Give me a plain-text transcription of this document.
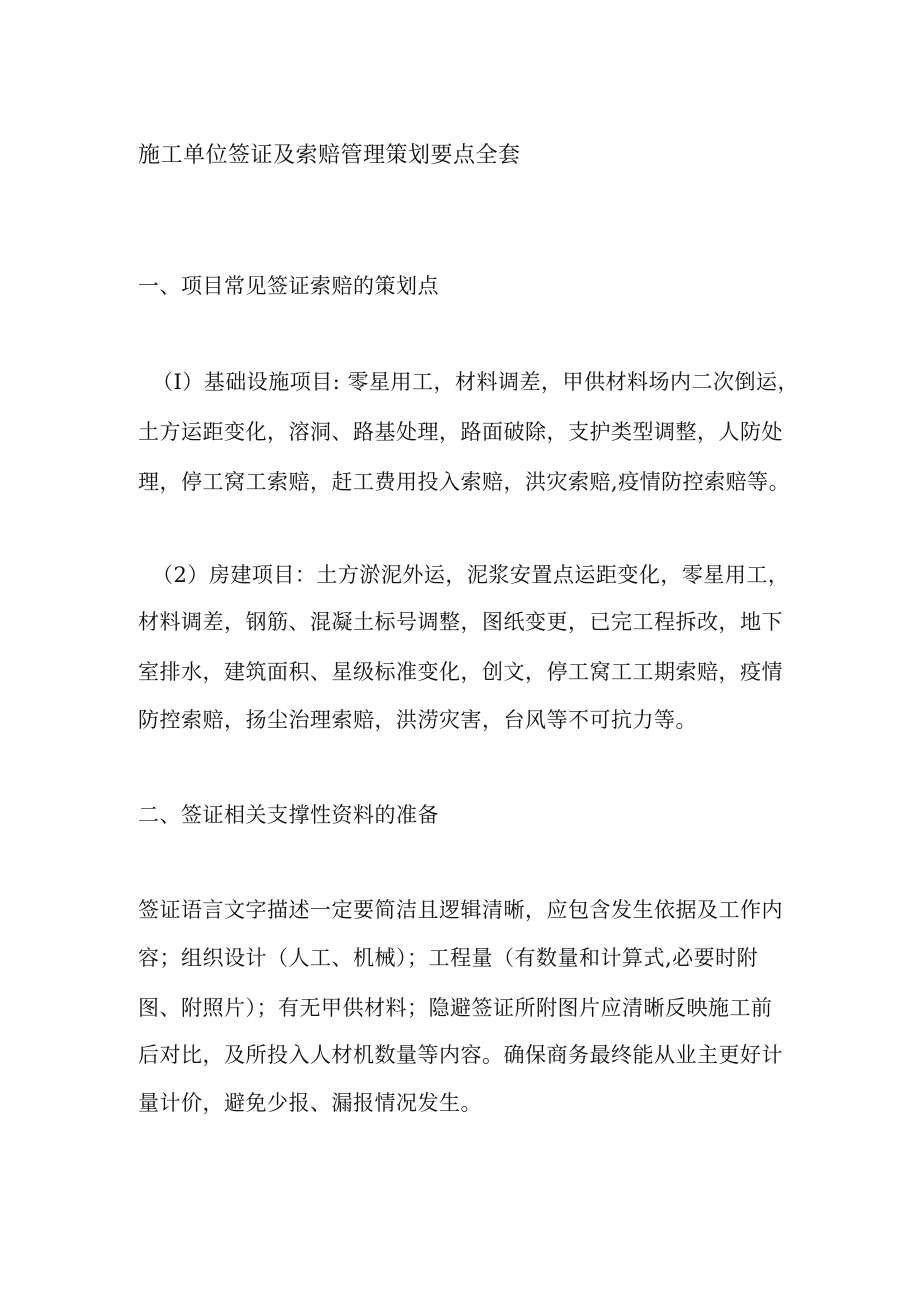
施工单位签证及索赔管理策划要点全套
一、项目常见签证索赔的策划点
（I）基础设施项目: 零星用工，材料调差，甲供材料场内二次倒运，
土方运距变化，溶洞、路基处理，路面破除，支护类型调整，人防处
理，停工窝工索赔，赶工费用投入索赔，洪灾索赔,疫情防控索赔等。
（2）房建项目：土方淤泥外运，泥浆安置点运距变化，零星用工，
材料调差，钢筋、混凝土标号调整，图纸变更，已完工程拆改，地下
室排水，建筑面积、星级标准变化，创文，停工窝工工期索赔，疫情
防控索赔，扬尘治理索赔，洪涝灾害，台风等不可抗力等。
二、签证相关支撑性资料的准备
签证语言文字描述一定要简洁且逻辑清晰，应包含发生依据及工作内
容；组织设计（人工、机械）；工程量（有数量和计算式,必要时附
图、附照片）；有无甲供材料；隐避签证所附图片应清晰反映施工前
后对比，及所投入人材机数量等内容。确保商务最终能从业主更好计
量计价，避免少报、漏报情况发生。
